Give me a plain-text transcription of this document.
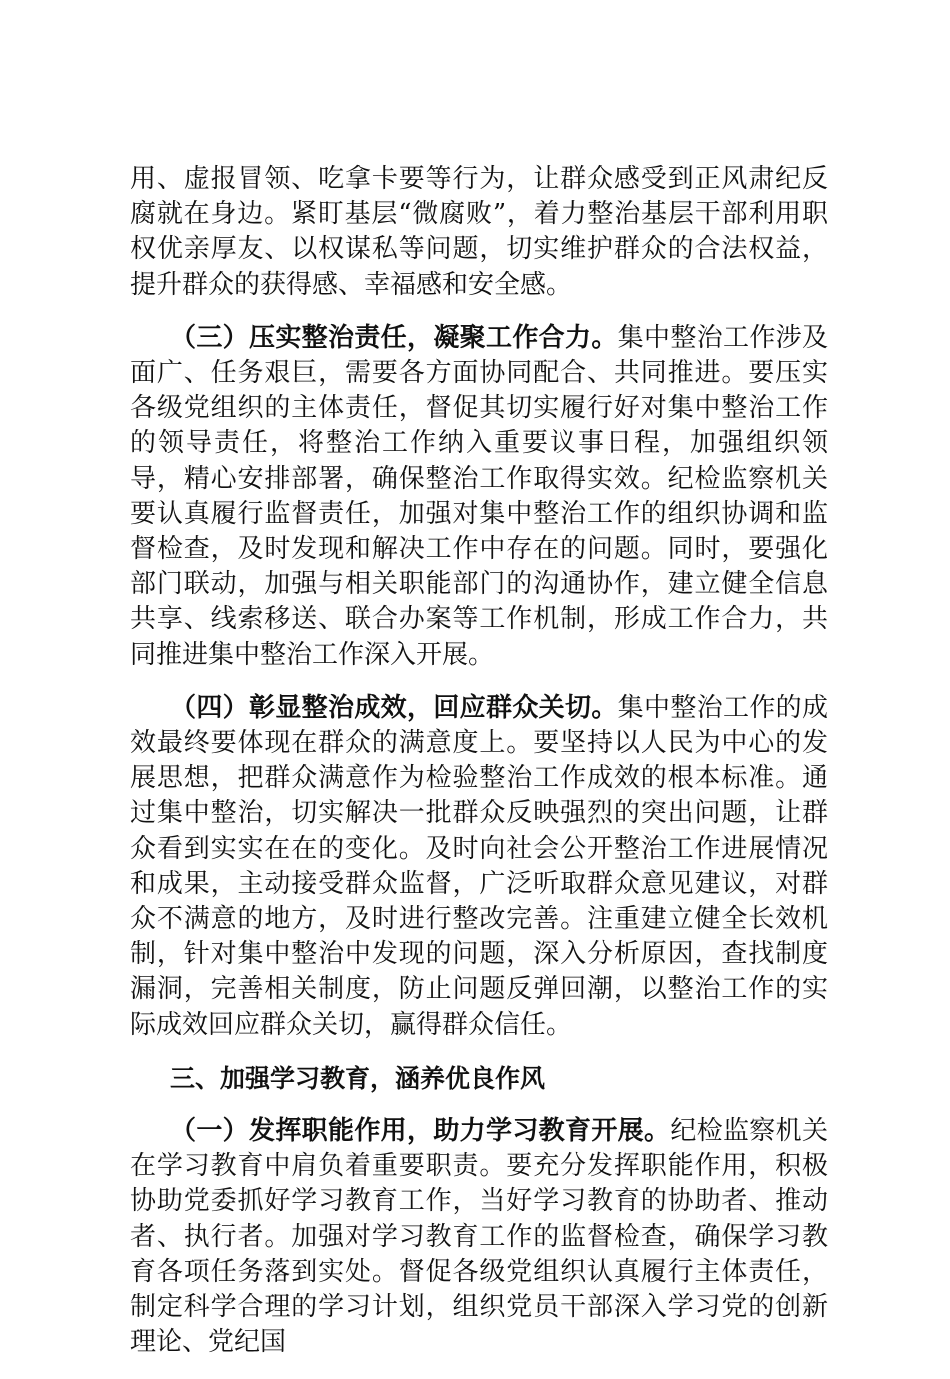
用、虚报冒领、吃拿卡要等行为，让群众感受到正风肃纪反腐就在身边。紧盯基层“微腐败”，着力整治基层干部利用职权优亲厚友、以权谋私等问题，切实维护群众的合法权益，提升群众的获得感、幸福感和安全感。

（三）压实整治责任，凝聚工作合力。集中整治工作涉及面广、任务艰巨，需要各方面协同配合、共同推进。要压实各级党组织的主体责任，督促其切实履行好对集中整治工作的领导责任，将整治工作纳入重要议事日程，加强组织领导，精心安排部署，确保整治工作取得实效。纪检监察机关要认真履行监督责任，加强对集中整治工作的组织协调和监督检查，及时发现和解决工作中存在的问题。同时，要强化部门联动，加强与相关职能部门的沟通协作，建立健全信息共享、线索移送、联合办案等工作机制，形成工作合力，共同推进集中整治工作深入开展。

（四）彰显整治成效，回应群众关切。集中整治工作的成效最终要体现在群众的满意度上。要坚持以人民为中心的发展思想，把群众满意作为检验整治工作成效的根本标准。通过集中整治，切实解决一批群众反映强烈的突出问题，让群众看到实实在在的变化。及时向社会公开整治工作进展情况和成果，主动接受群众监督，广泛听取群众意见建议，对群众不满意的地方，及时进行整改完善。注重建立健全长效机制，针对集中整治中发现的问题，深入分析原因，查找制度漏洞，完善相关制度，防止问题反弹回潮，以整治工作的实际成效回应群众关切，赢得群众信任。

三、加强学习教育，涵养优良作风

（一）发挥职能作用，助力学习教育开展。纪检监察机关在学习教育中肩负着重要职责。要充分发挥职能作用，积极协助党委抓好学习教育工作，当好学习教育的协助者、推动者、执行者。加强对学习教育工作的监督检查，确保学习教育各项任务落到实处。督促各级党组织认真履行主体责任，制定科学合理的学习计划，组织党员干部深入学习党的创新理论、党纪国
